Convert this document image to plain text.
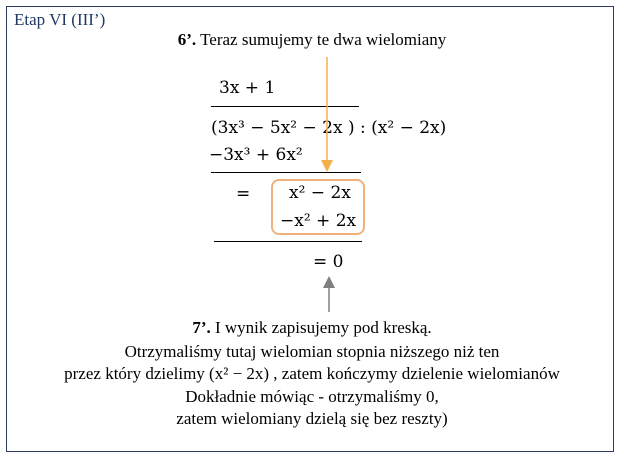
Etap VI (III’)
6’. Teraz sumujemy te dwa wielomiany
3x + 1
(3x³ − 5x² − 2x ) : (x² − 2x)
−3x³ + 6x²
= x² − 2x
−x² + 2x
= 0
7’. I wynik zapisujemy pod kreską.
Otrzymaliśmy tutaj wielomian stopnia niższego niż ten
przez który dzielimy (x² − 2x) , zatem kończymy dzielenie wielomianów
Dokładnie mówiąc - otrzymaliśmy 0,
zatem wielomiany dzielą się bez reszty)
